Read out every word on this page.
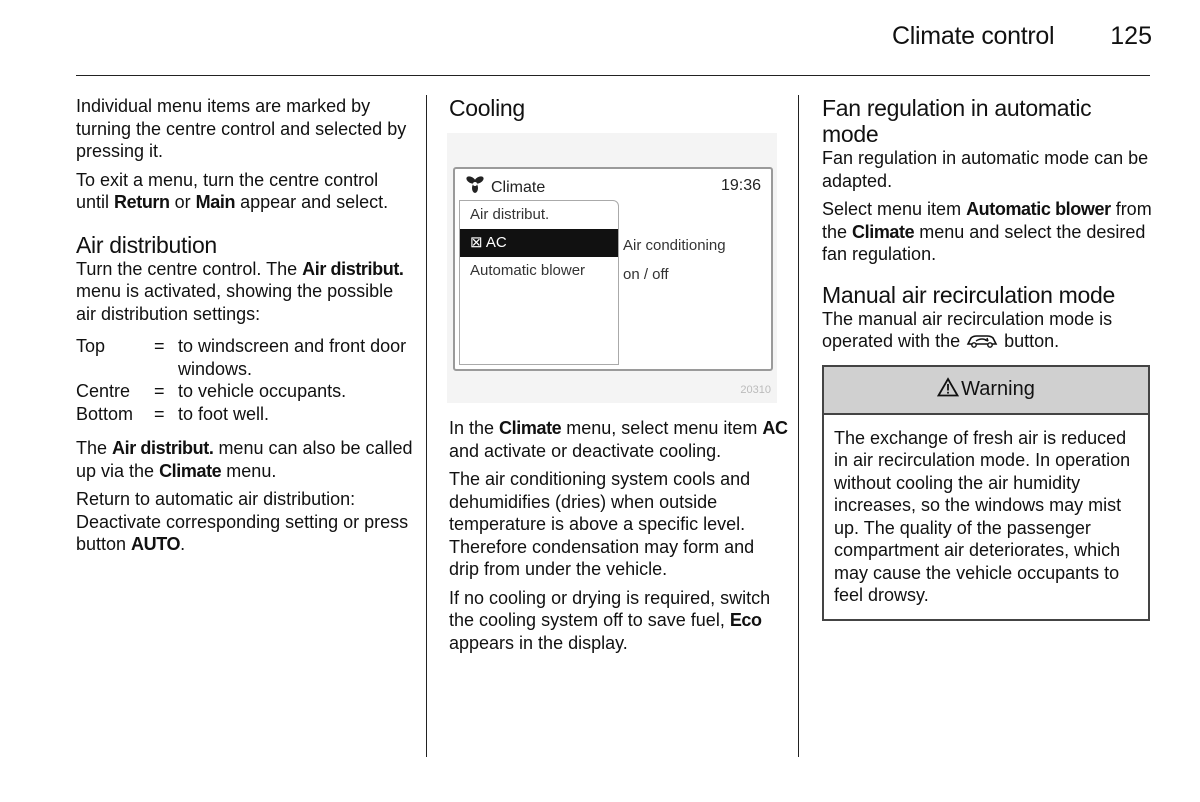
Climate control 125

Individual menu items are marked by turning the centre control and selected by pressing it.

To exit a menu, turn the centre control until Return or Main appear and select.

Air distribution

Turn the centre control. The Air distribut. menu is activated, showing the possible air distribution settings:

Top	=	to windscreen and front door windows.
Centre	=	to vehicle occupants.
Bottom	=	to foot well.

The Air distribut. menu can also be called up via the Climate menu.

Return to automatic air distribution: Deactivate corresponding setting or press button AUTO.

Cooling
Climate	19:36
Air distribut.
⊠ AC
Automatic blower
Air conditioning
on / off
20310

In the Climate menu, select menu item AC and activate or deactivate cooling.

The air conditioning system cools and dehumidifies (dries) when outside temperature is above a specific level. Therefore condensation may form and drip from under the vehicle.

If no cooling or drying is required, switch the cooling system off to save fuel, Eco appears in the display.

Fan regulation in automatic mode

Fan regulation in automatic mode can be adapted.

Select menu item Automatic blower from the Climate menu and select the desired fan regulation.

Manual air recirculation mode

The manual air recirculation mode is operated with the  button.

Warning
The exchange of fresh air is reduced in air recirculation mode. In operation without cooling the air humidity increases, so the windows may mist up. The quality of the passenger compartment air deteriorates, which may cause the vehicle occupants to feel drowsy.
